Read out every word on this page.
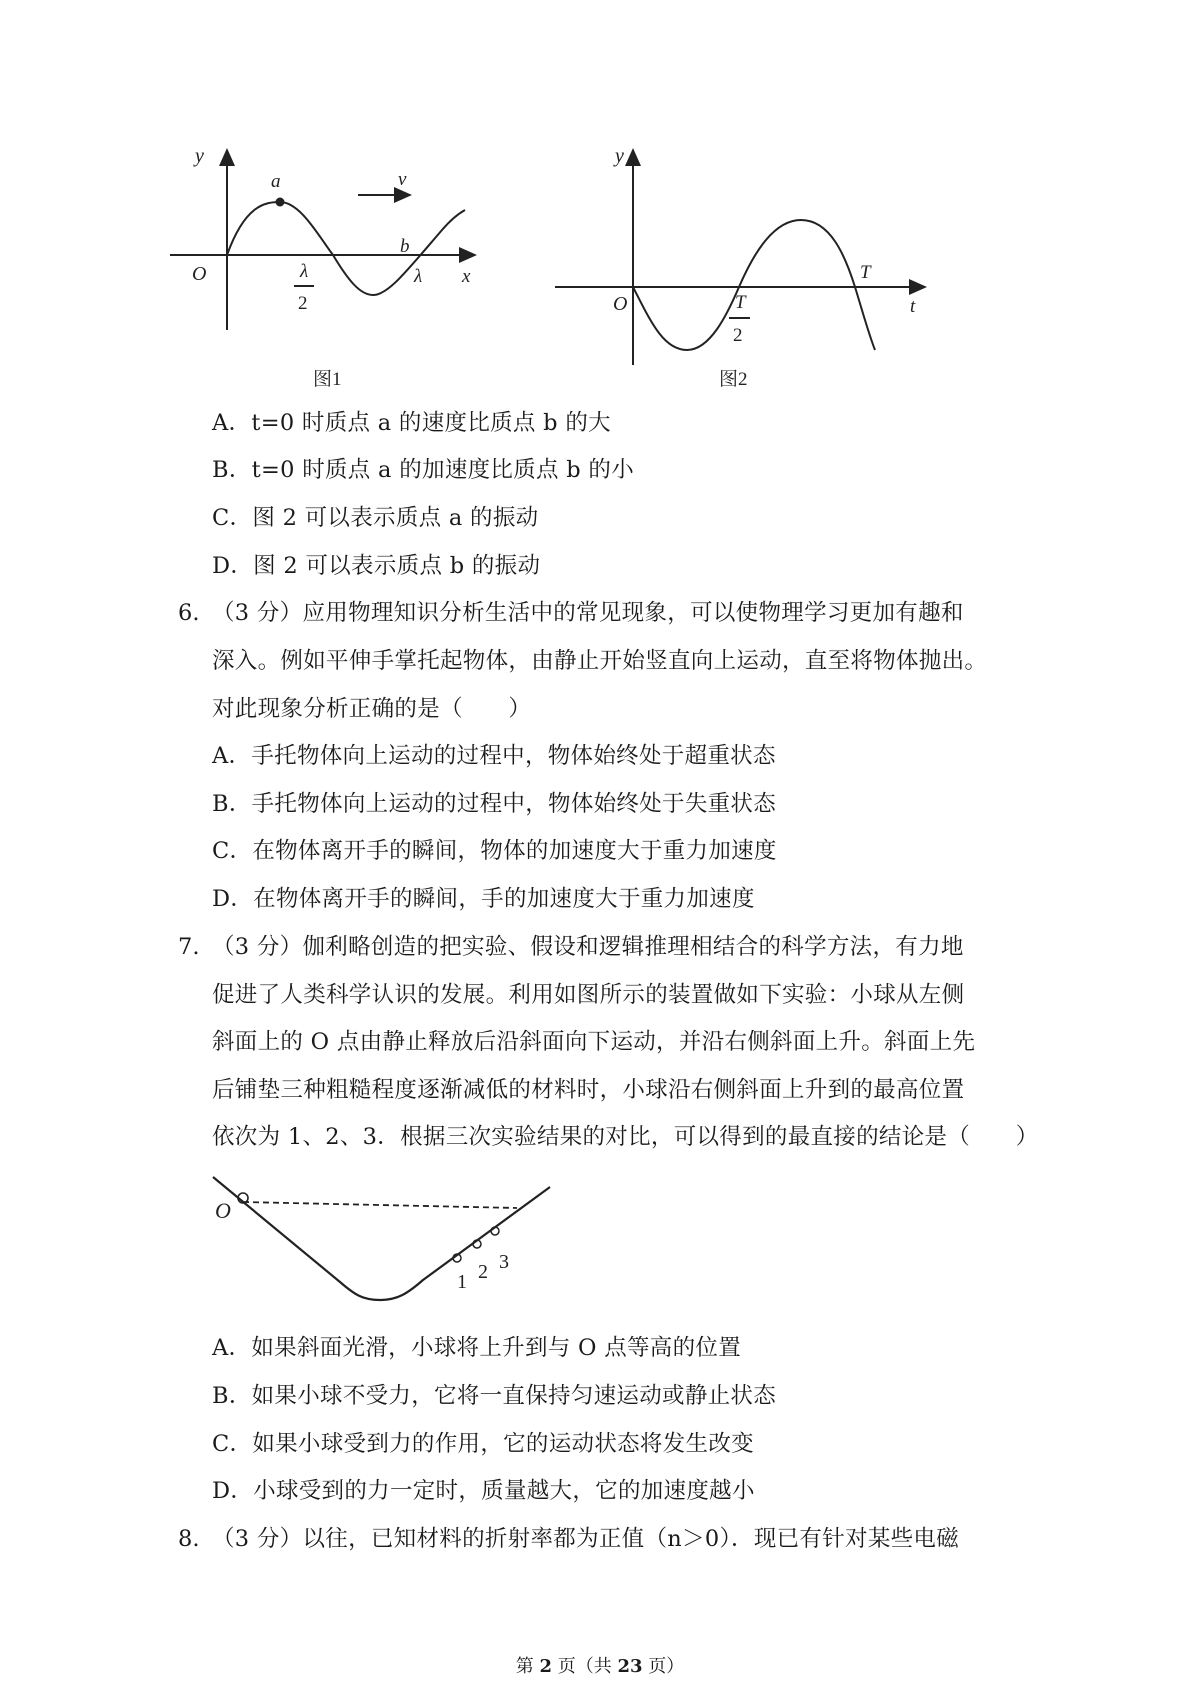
a
b
v
y
x
O	λ
2
λ
图1
y
t
O	T
2
T
图2
A．t=0 时质点 a 的速度比质点 b 的大
B．t=0 时质点 a 的加速度比质点 b 的小
C．图 2 可以表示质点 a 的振动
D．图 2 可以表示质点 b 的振动
6. （3 分）应用物理知识分析生活中的常见现象，可以使物理学习更加有趣和
深入。例如平伸手掌托起物体，由静止开始竖直向上运动，直至将物体抛出。
对此现象分析正确的是（　　）
A．手托物体向上运动的过程中，物体始终处于超重状态
B．手托物体向上运动的过程中，物体始终处于失重状态
C．在物体离开手的瞬间，物体的加速度大于重力加速度
D．在物体离开手的瞬间，手的加速度大于重力加速度
7. （3 分）伽利略创造的把实验、假设和逻辑推理相结合的科学方法，有力地
促进了人类科学认识的发展。利用如图所示的装置做如下实验：小球从左侧
斜面上的 O 点由静止释放后沿斜面向下运动，并沿右侧斜面上升。斜面上先
后铺垫三种粗糙程度逐渐减低的材料时，小球沿右侧斜面上升到的最高位置
依次为 1、2、3．根据三次实验结果的对比，可以得到的最直接的结论是（　　）
O
1 2 3
A．如果斜面光滑，小球将上升到与 O 点等高的位置
B．如果小球不受力，它将一直保持匀速运动或静止状态
C．如果小球受到力的作用，它的运动状态将发生改变
D．小球受到的力一定时，质量越大，它的加速度越小
8. （3 分）以往，已知材料的折射率都为正值（n＞0）．现已有针对某些电磁
第 2 页（共 23 页）
